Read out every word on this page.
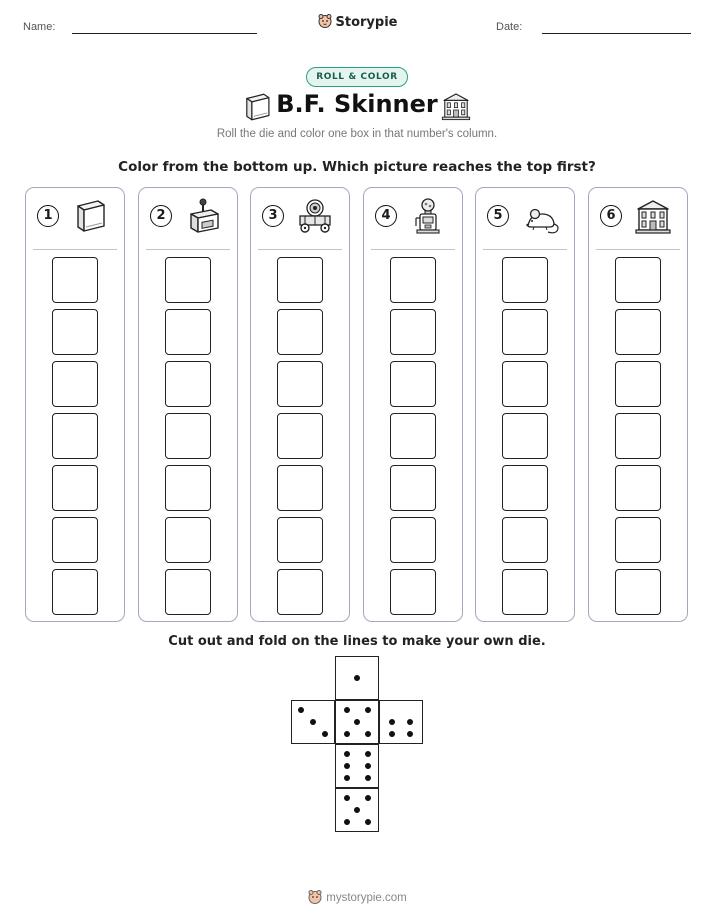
Name:	Storypie	Date:
ROLL & COLOR
B.F. Skinner
Roll the die and color one box in that number's column.
Color from the bottom up. Which picture reaches the top first?
1	2	3	4	5	6
Cut out and fold on the lines to make your own die.
mystorypie.com
